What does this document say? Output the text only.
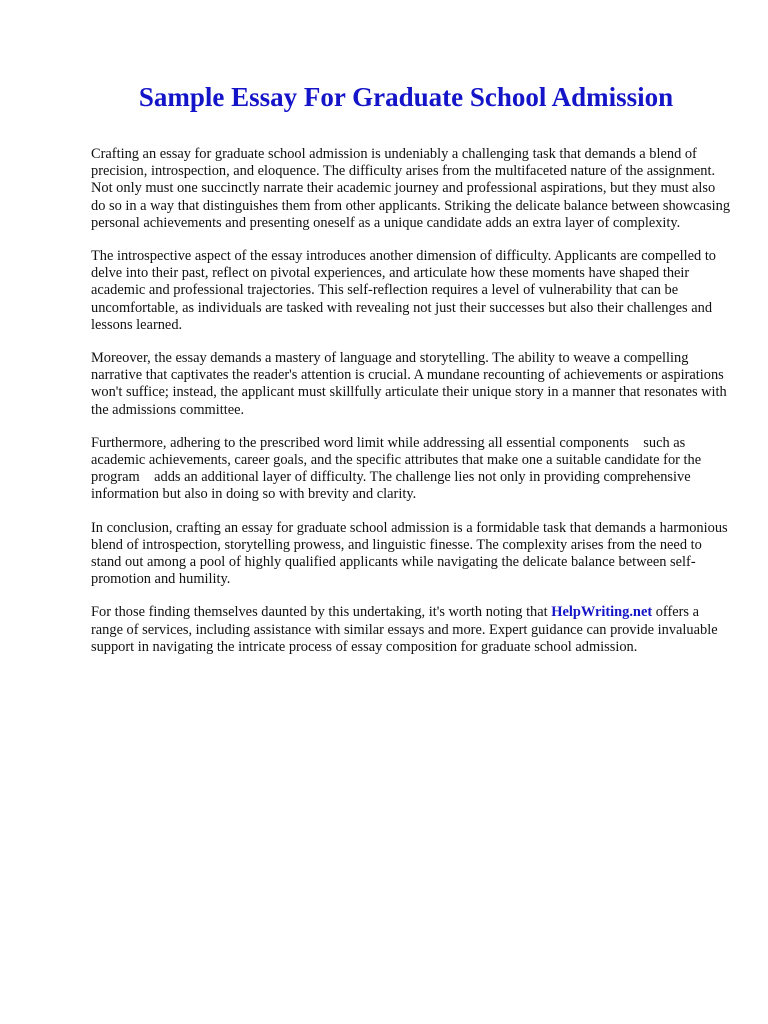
Sample Essay For Graduate School Admission

Crafting an essay for graduate school admission is undeniably a challenging task that demands a blend of precision, introspection, and eloquence. The difficulty arises from the multifaceted nature of the assignment. Not only must one succinctly narrate their academic journey and professional aspirations, but they must also do so in a way that distinguishes them from other applicants. Striking the delicate balance between showcasing personal achievements and presenting oneself as a unique candidate adds an extra layer of complexity.

The introspective aspect of the essay introduces another dimension of difficulty. Applicants are compelled to delve into their past, reflect on pivotal experiences, and articulate how these moments have shaped their academic and professional trajectories. This self-reflection requires a level of vulnerability that can be uncomfortable, as individuals are tasked with revealing not just their successes but also their challenges and lessons learned.

Moreover, the essay demands a mastery of language and storytelling. The ability to weave a compelling narrative that captivates the reader's attention is crucial. A mundane recounting of achievements or aspirations won't suffice; instead, the applicant must skillfully articulate their unique story in a manner that resonates with the admissions committee.

Furthermore, adhering to the prescribed word limit while addressing all essential components    such as academic achievements, career goals, and the specific attributes that make one a suitable candidate for the program    adds an additional layer of difficulty. The challenge lies not only in providing comprehensive information but also in doing so with brevity and clarity.

In conclusion, crafting an essay for graduate school admission is a formidable task that demands a harmonious blend of introspection, storytelling prowess, and linguistic finesse. The complexity arises from the need to stand out among a pool of highly qualified applicants while navigating the delicate balance between self-promotion and humility.

For those finding themselves daunted by this undertaking, it's worth noting that HelpWriting.net offers a range of services, including assistance with similar essays and more. Expert guidance can provide invaluable support in navigating the intricate process of essay composition for graduate school admission.
